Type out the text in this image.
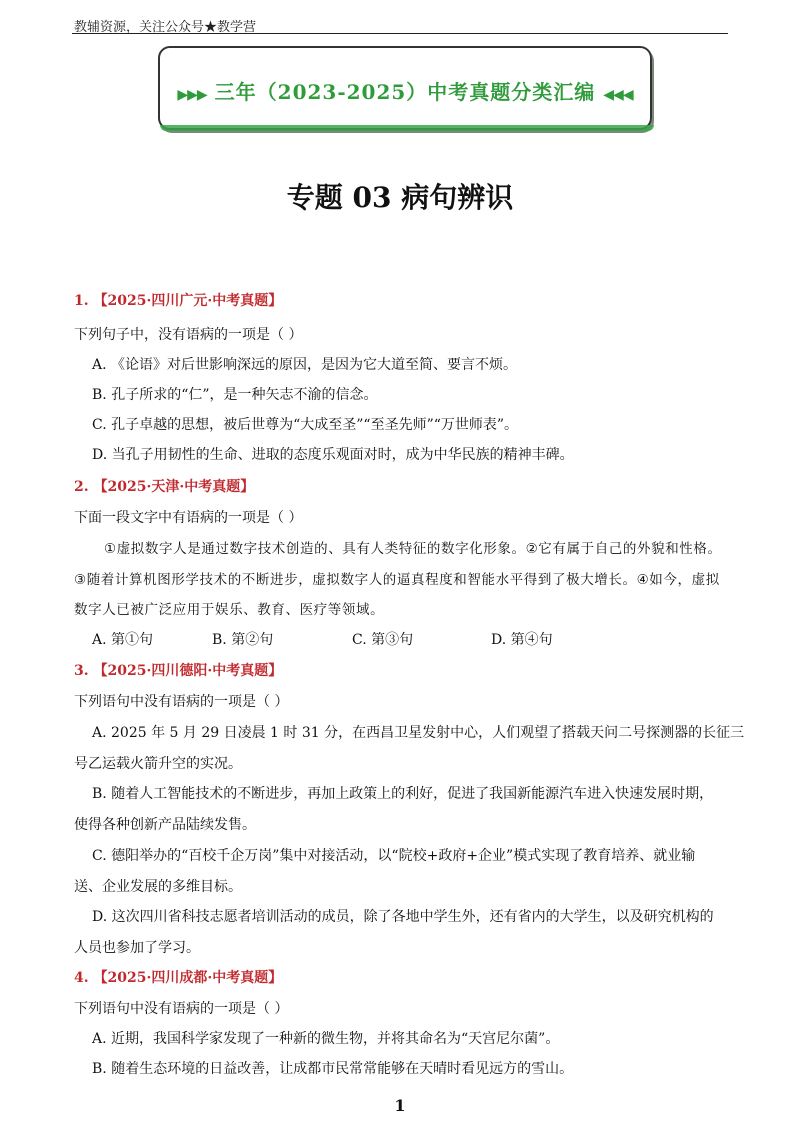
教辅资源，关注公众号★教学营
▶▶▶ 三年（2023-2025）中考真题分类汇编 ◀◀◀
专题 03 病句辨识
1. 【2025·四川广元·中考真题】
下列句子中，没有语病的一项是（ ）
A. 《论语》对后世影响深远的原因，是因为它大道至简、要言不烦。
B. 孔子所求的“仁”，是一种矢志不渝的信念。
C. 孔子卓越的思想，被后世尊为“大成至圣”“至圣先师”“万世师表”。
D. 当孔子用韧性的生命、进取的态度乐观面对时，成为中华民族的精神丰碑。
2. 【2025·天津·中考真题】
下面一段文字中有语病的一项是（ ）
①虚拟数字人是通过数字技术创造的、具有人类特征的数字化形象。②它有属于自己的外貌和性格。
③随着计算机图形学技术的不断进步，虚拟数字人的逼真程度和智能水平得到了极大增长。④如今，虚拟
数字人已被广泛应用于娱乐、教育、医疗等领域。
A. 第①句	B. 第②句	C. 第③句	D. 第④句
3. 【2025·四川德阳·中考真题】
下列语句中没有语病的一项是（ ）
A. 2025 年 5 月 29 日凌晨 1 时 31 分，在西昌卫星发射中心，人们观望了搭载天问二号探测器的长征三
号乙运载火箭升空的实况。
B. 随着人工智能技术的不断进步，再加上政策上的利好，促进了我国新能源汽车进入快速发展时期，
使得各种创新产品陆续发售。
C. 德阳举办的“百校千企万岗”集中对接活动，以“院校+政府+企业”模式实现了教育培养、就业输
送、企业发展的多维目标。
D. 这次四川省科技志愿者培训活动的成员，除了各地中学生外，还有省内的大学生，以及研究机构的
人员也参加了学习。
4. 【2025·四川成都·中考真题】
下列语句中没有语病的一项是（ ）
A. 近期，我国科学家发现了一种新的微生物，并将其命名为“天宫尼尔菌”。
B. 随着生态环境的日益改善，让成都市民常常能够在天晴时看见远方的雪山。
1
